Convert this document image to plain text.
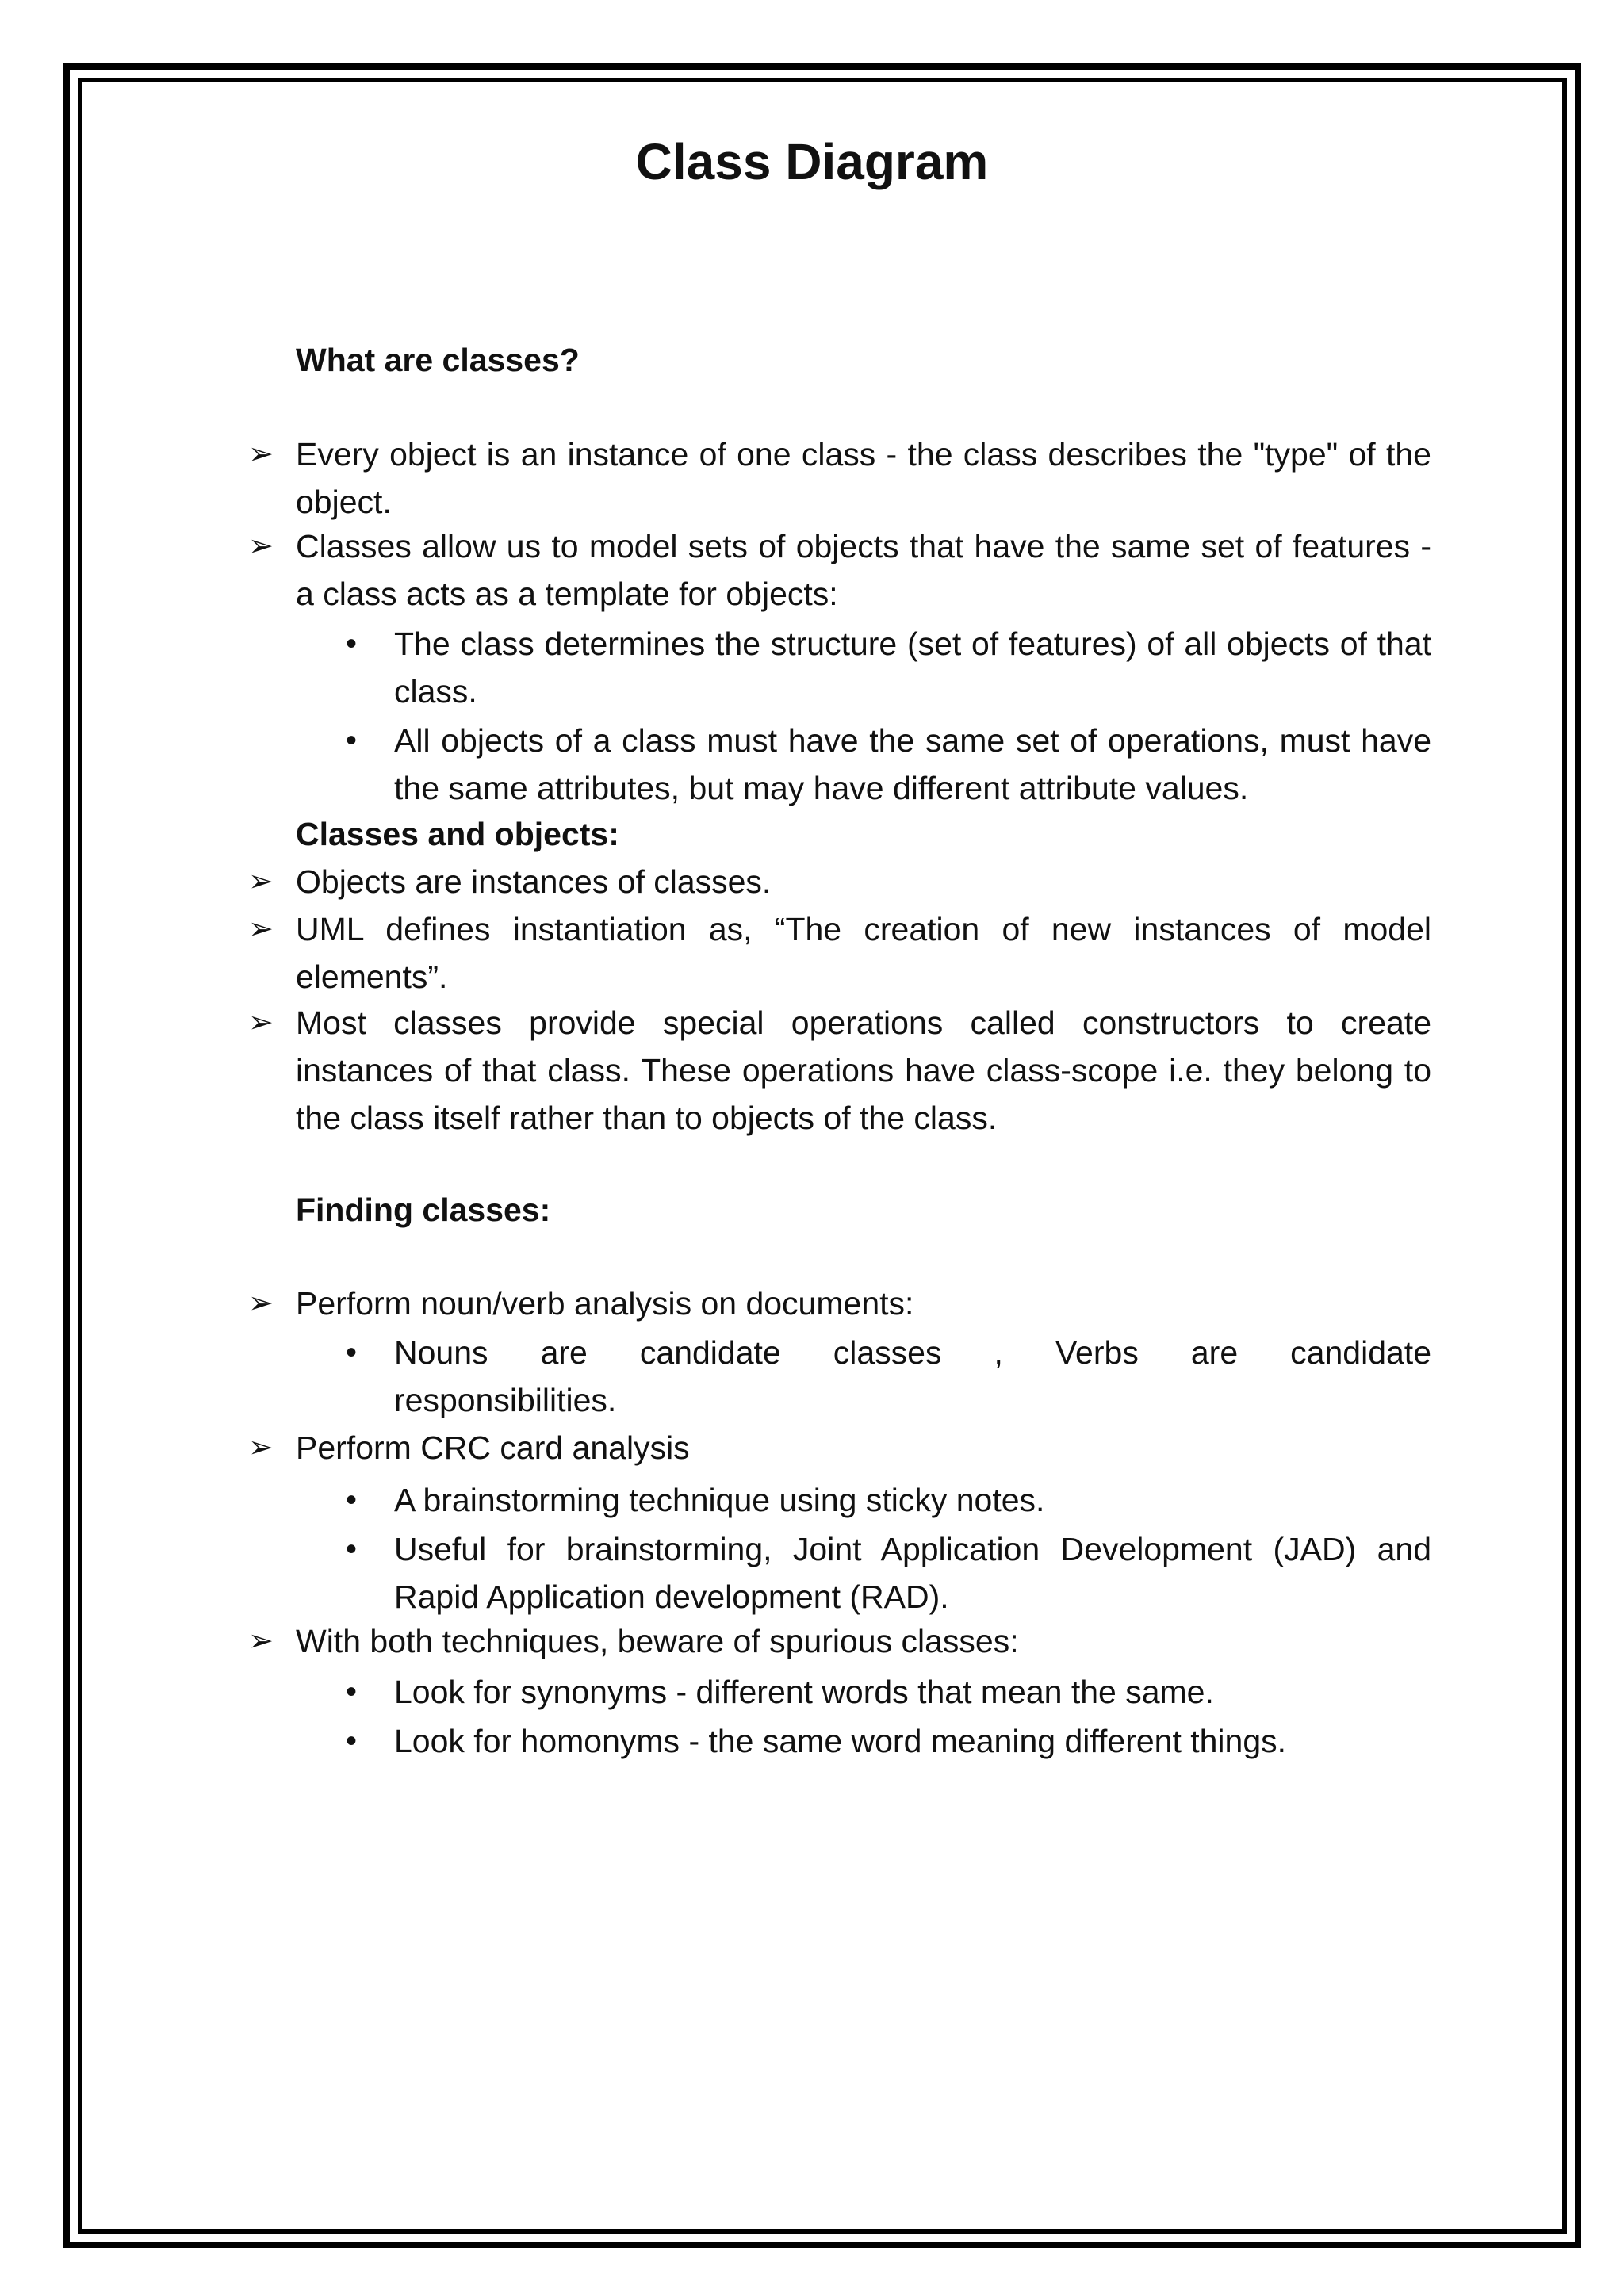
Class Diagram
What are classes?
➢ Every object is an instance of one class - the class describes the "type" of the object.
➢ Classes allow us to model sets of objects that have the same set of features - a class acts as a template for objects:
• The class determines the structure (set of features) of all objects of that class.
• All objects of a class must have the same set of operations, must have the same attributes, but may have different attribute values.
Classes and objects:
➢ Objects are instances of classes.
➢ UML defines instantiation as, “The creation of new instances of model elements”.
➢ Most classes provide special operations called constructors to create instances of that class. These operations have class-scope i.e. they belong to the class itself rather than to objects of the class.
Finding classes:
➢ Perform noun/verb analysis on documents:
• Nouns are candidate classes , Verbs are candidate
responsibilities.
➢ Perform CRC card analysis
• A brainstorming technique using sticky notes.
• Useful for brainstorming, Joint Application Development (JAD) and Rapid Application development (RAD).
➢ With both techniques, beware of spurious classes:
• Look for synonyms - different words that mean the same.
• Look for homonyms - the same word meaning different things.
